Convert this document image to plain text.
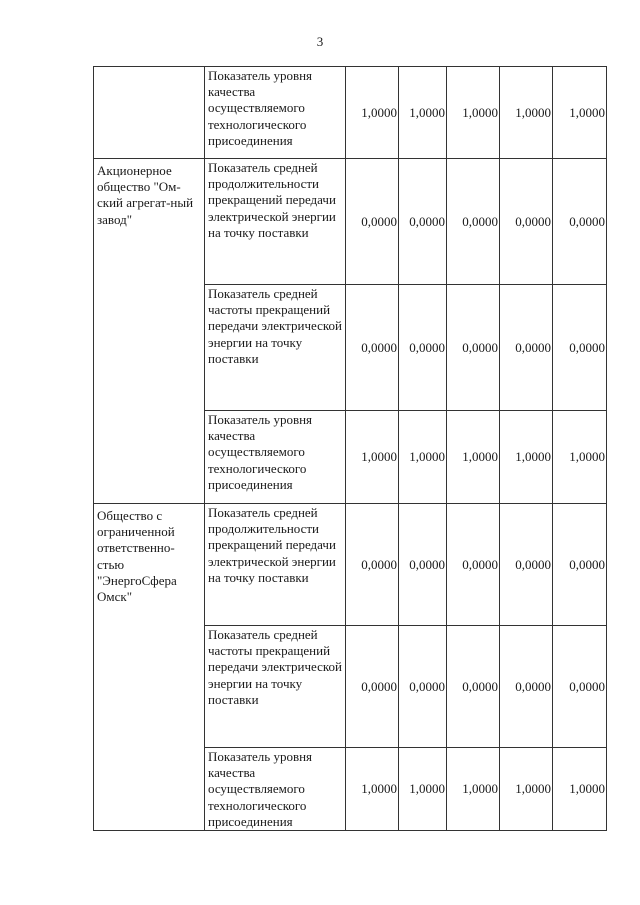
3
	Показатель уровня качества осуществляемого технологического присоединения	1,0000	1,0000	1,0000	1,0000	1,0000
Акционерное общество "Ом-ский агрегат-ный завод"	Показатель средней продолжительности прекращений передачи электрической энергии на точку поставки	0,0000	0,0000	0,0000	0,0000	0,0000
	Показатель средней частоты прекращений передачи электрической энергии на точку поставки	0,0000	0,0000	0,0000	0,0000	0,0000
	Показатель уровня качества осуществляемого технологического присоединения	1,0000	1,0000	1,0000	1,0000	1,0000
Общество с ограниченной ответственно-стью "ЭнергоСфера Омск"	Показатель средней продолжительности прекращений передачи электрической энергии на точку поставки	0,0000	0,0000	0,0000	0,0000	0,0000
	Показатель средней частоты прекращений передачи электрической энергии на точку поставки	0,0000	0,0000	0,0000	0,0000	0,0000
	Показатель уровня качества осуществляемого технологического присоединения	1,0000	1,0000	1,0000	1,0000	1,0000
